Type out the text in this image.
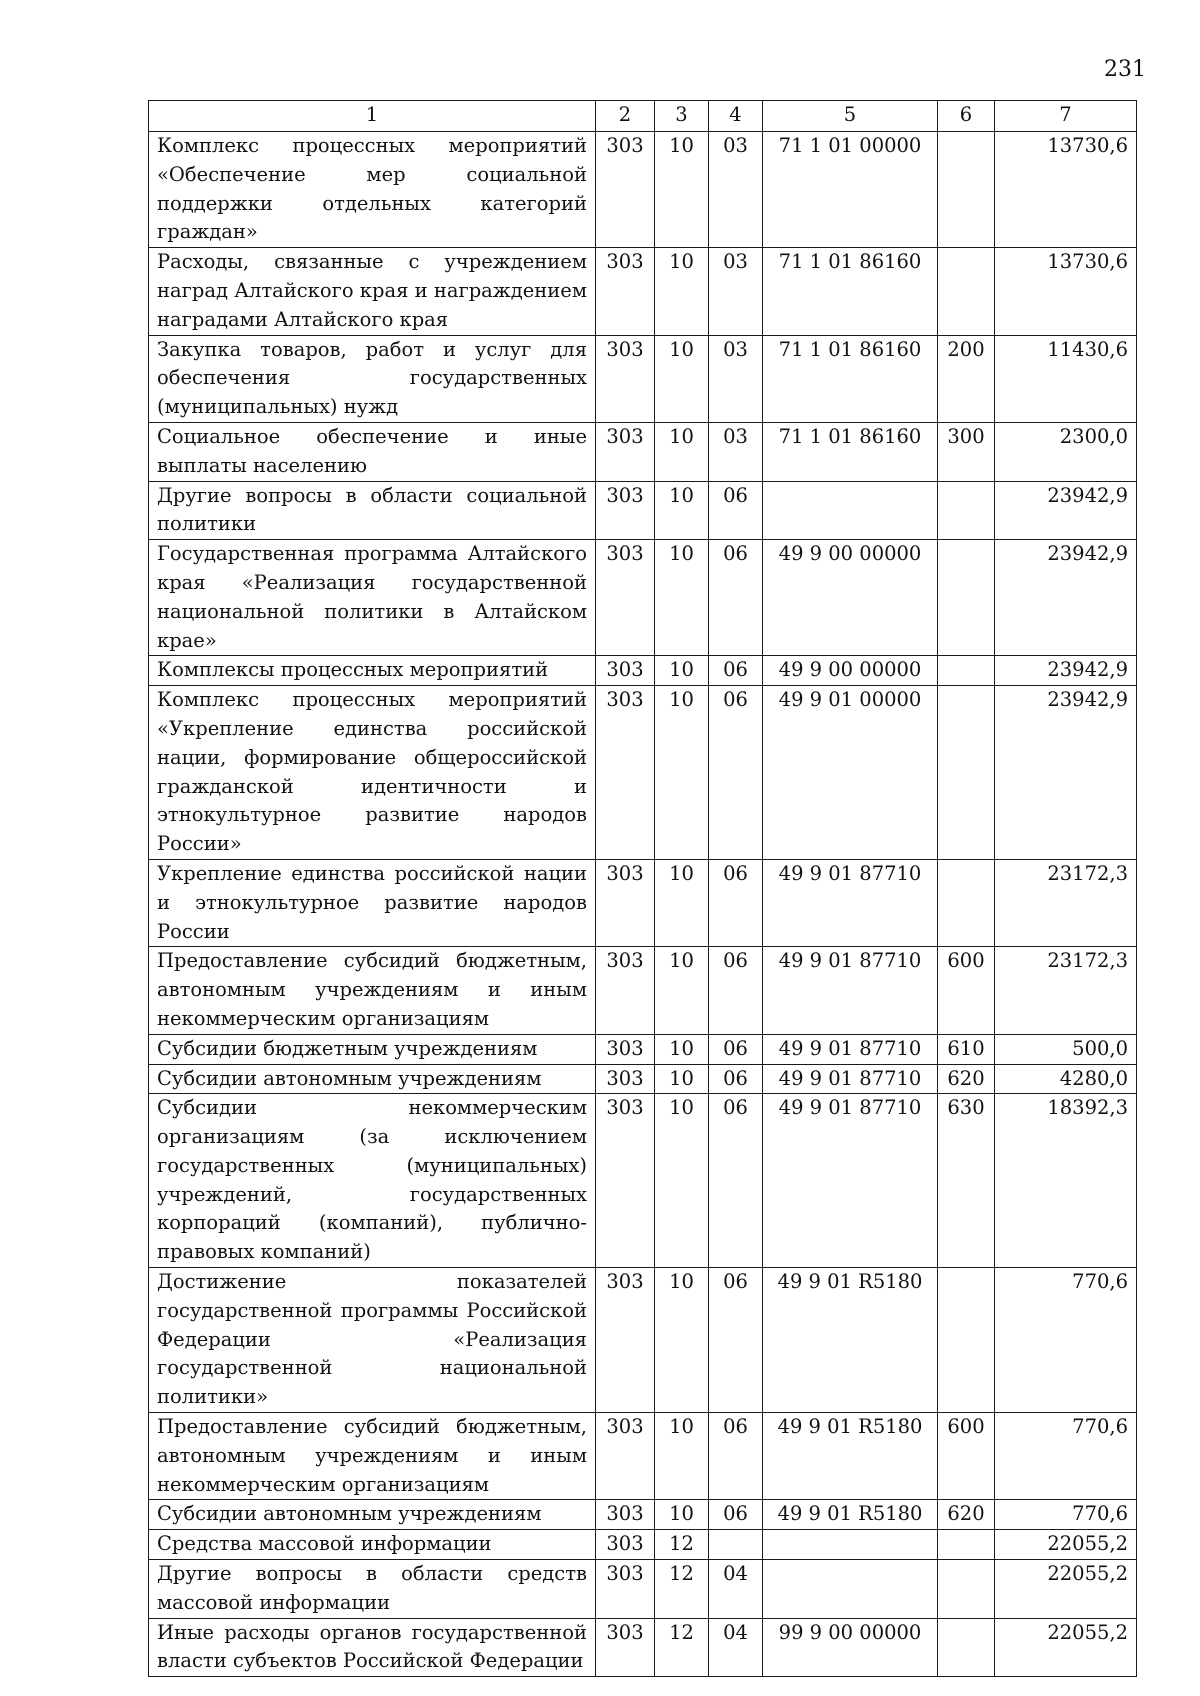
231
1	2	3	4	5	6	7
Комплекс процессных мероприятий «Обеспечение мер социальной поддержки отдельных категорий граждан»	303	10	03	71 1 01 00000		13730,6
Расходы, связанные с учреждением наград Алтайского края и награждением наградами Алтайского края	303	10	03	71 1 01 86160		13730,6
Закупка товаров, работ и услуг для обеспечения государственных (муниципальных) нужд	303	10	03	71 1 01 86160	200	11430,6
Социальное обеспечение и иные выплаты населению	303	10	03	71 1 01 86160	300	2300,0
Другие вопросы в области социальной политики	303	10	06			23942,9
Государственная программа Алтайского края «Реализация государственной национальной политики в Алтайском крае»	303	10	06	49 9 00 00000		23942,9
Комплексы процессных мероприятий	303	10	06	49 9 00 00000		23942,9
Комплекс процессных мероприятий «Укрепление единства российской нации, формирование общероссийской гражданской идентичности и этнокультурное развитие народов России»	303	10	06	49 9 01 00000		23942,9
Укрепление единства российской нации и этнокультурное развитие народов России	303	10	06	49 9 01 87710		23172,3
Предоставление субсидий бюджетным, автономным учреждениям и иным некоммерческим организациям	303	10	06	49 9 01 87710	600	23172,3
Субсидии бюджетным учреждениям	303	10	06	49 9 01 87710	610	500,0
Субсидии автономным учреждениям	303	10	06	49 9 01 87710	620	4280,0
Субсидии некоммерческим организациям (за исключением государственных (муниципальных) учреждений, государственных корпораций (компаний), публично-правовых компаний)	303	10	06	49 9 01 87710	630	18392,3
Достижение показателей государственной программы Российской Федерации «Реализация государственной национальной политики»	303	10	06	49 9 01 R5180		770,6
Предоставление субсидий бюджетным, автономным учреждениям и иным некоммерческим организациям	303	10	06	49 9 01 R5180	600	770,6
Субсидии автономным учреждениям	303	10	06	49 9 01 R5180	620	770,6
Средства массовой информации	303	12				22055,2
Другие вопросы в области средств массовой информации	303	12	04			22055,2
Иные расходы органов государственной власти субъектов Российской Федерации	303	12	04	99 9 00 00000		22055,2
